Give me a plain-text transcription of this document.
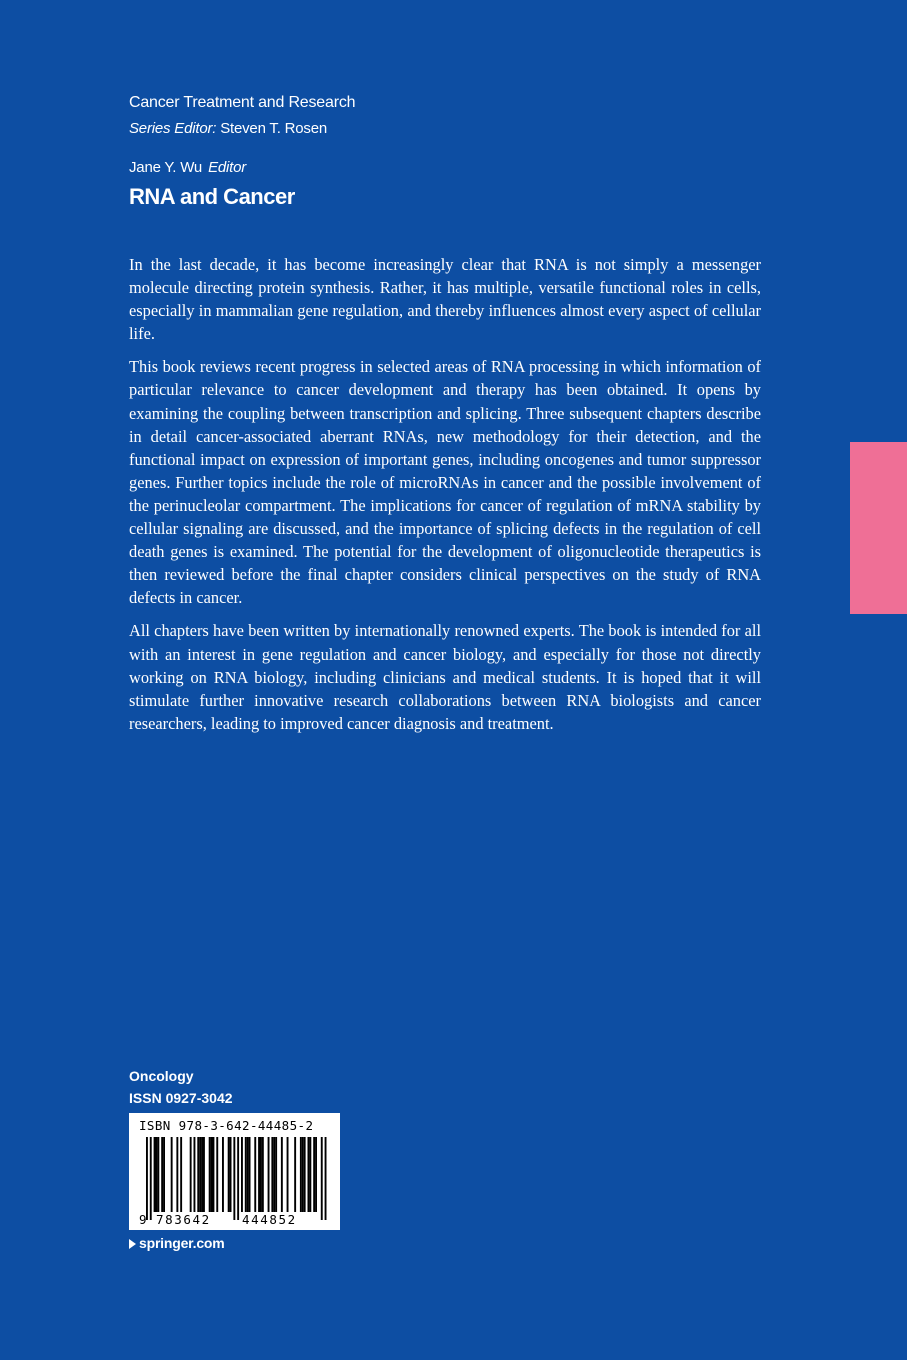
Cancer Treatment and Research
Series Editor: Steven T. Rosen
Jane Y. Wu Editor
RNA and Cancer

In the last decade, it has become increasingly clear that RNA is not simply a messenger molecule directing protein synthesis. Rather, it has multiple, versatile functional roles in cells, especially in mammalian gene regulation, and thereby influences almost every aspect of cellular life.

This book reviews recent progress in selected areas of RNA processing in which information of particular relevance to cancer development and therapy has been obtained. It opens by examining the coupling between transcription and splicing. Three subsequent chapters describe in detail cancer-associated aberrant RNAs, new methodology for their detection, and the functional impact on expression of important genes, including oncogenes and tumor suppressor genes. Further topics include the role of microRNAs in cancer and the possible involvement of the perinucleolar compartment. The implications for cancer of regulation of mRNA stability by cellular signaling are discussed, and the importance of splicing defects in the regulation of cell death genes is examined. The potential for the development of oligonucleotide therapeutics is then reviewed before the final chapter considers clinical perspectives on the study of RNA defects in cancer.

All chapters have been written by internationally renowned experts. The book is intended for all with an interest in gene regulation and cancer biology, and especially for those not directly working on RNA biology, including clinicians and medical students. It is hoped that it will stimulate further innovative research collaborations between RNA biologists and cancer researchers, leading to improved cancer diagnosis and treatment.

Oncology
ISSN 0927-3042
ISBN 978-3-642-44485-2
9 783642 444852
springer.com
